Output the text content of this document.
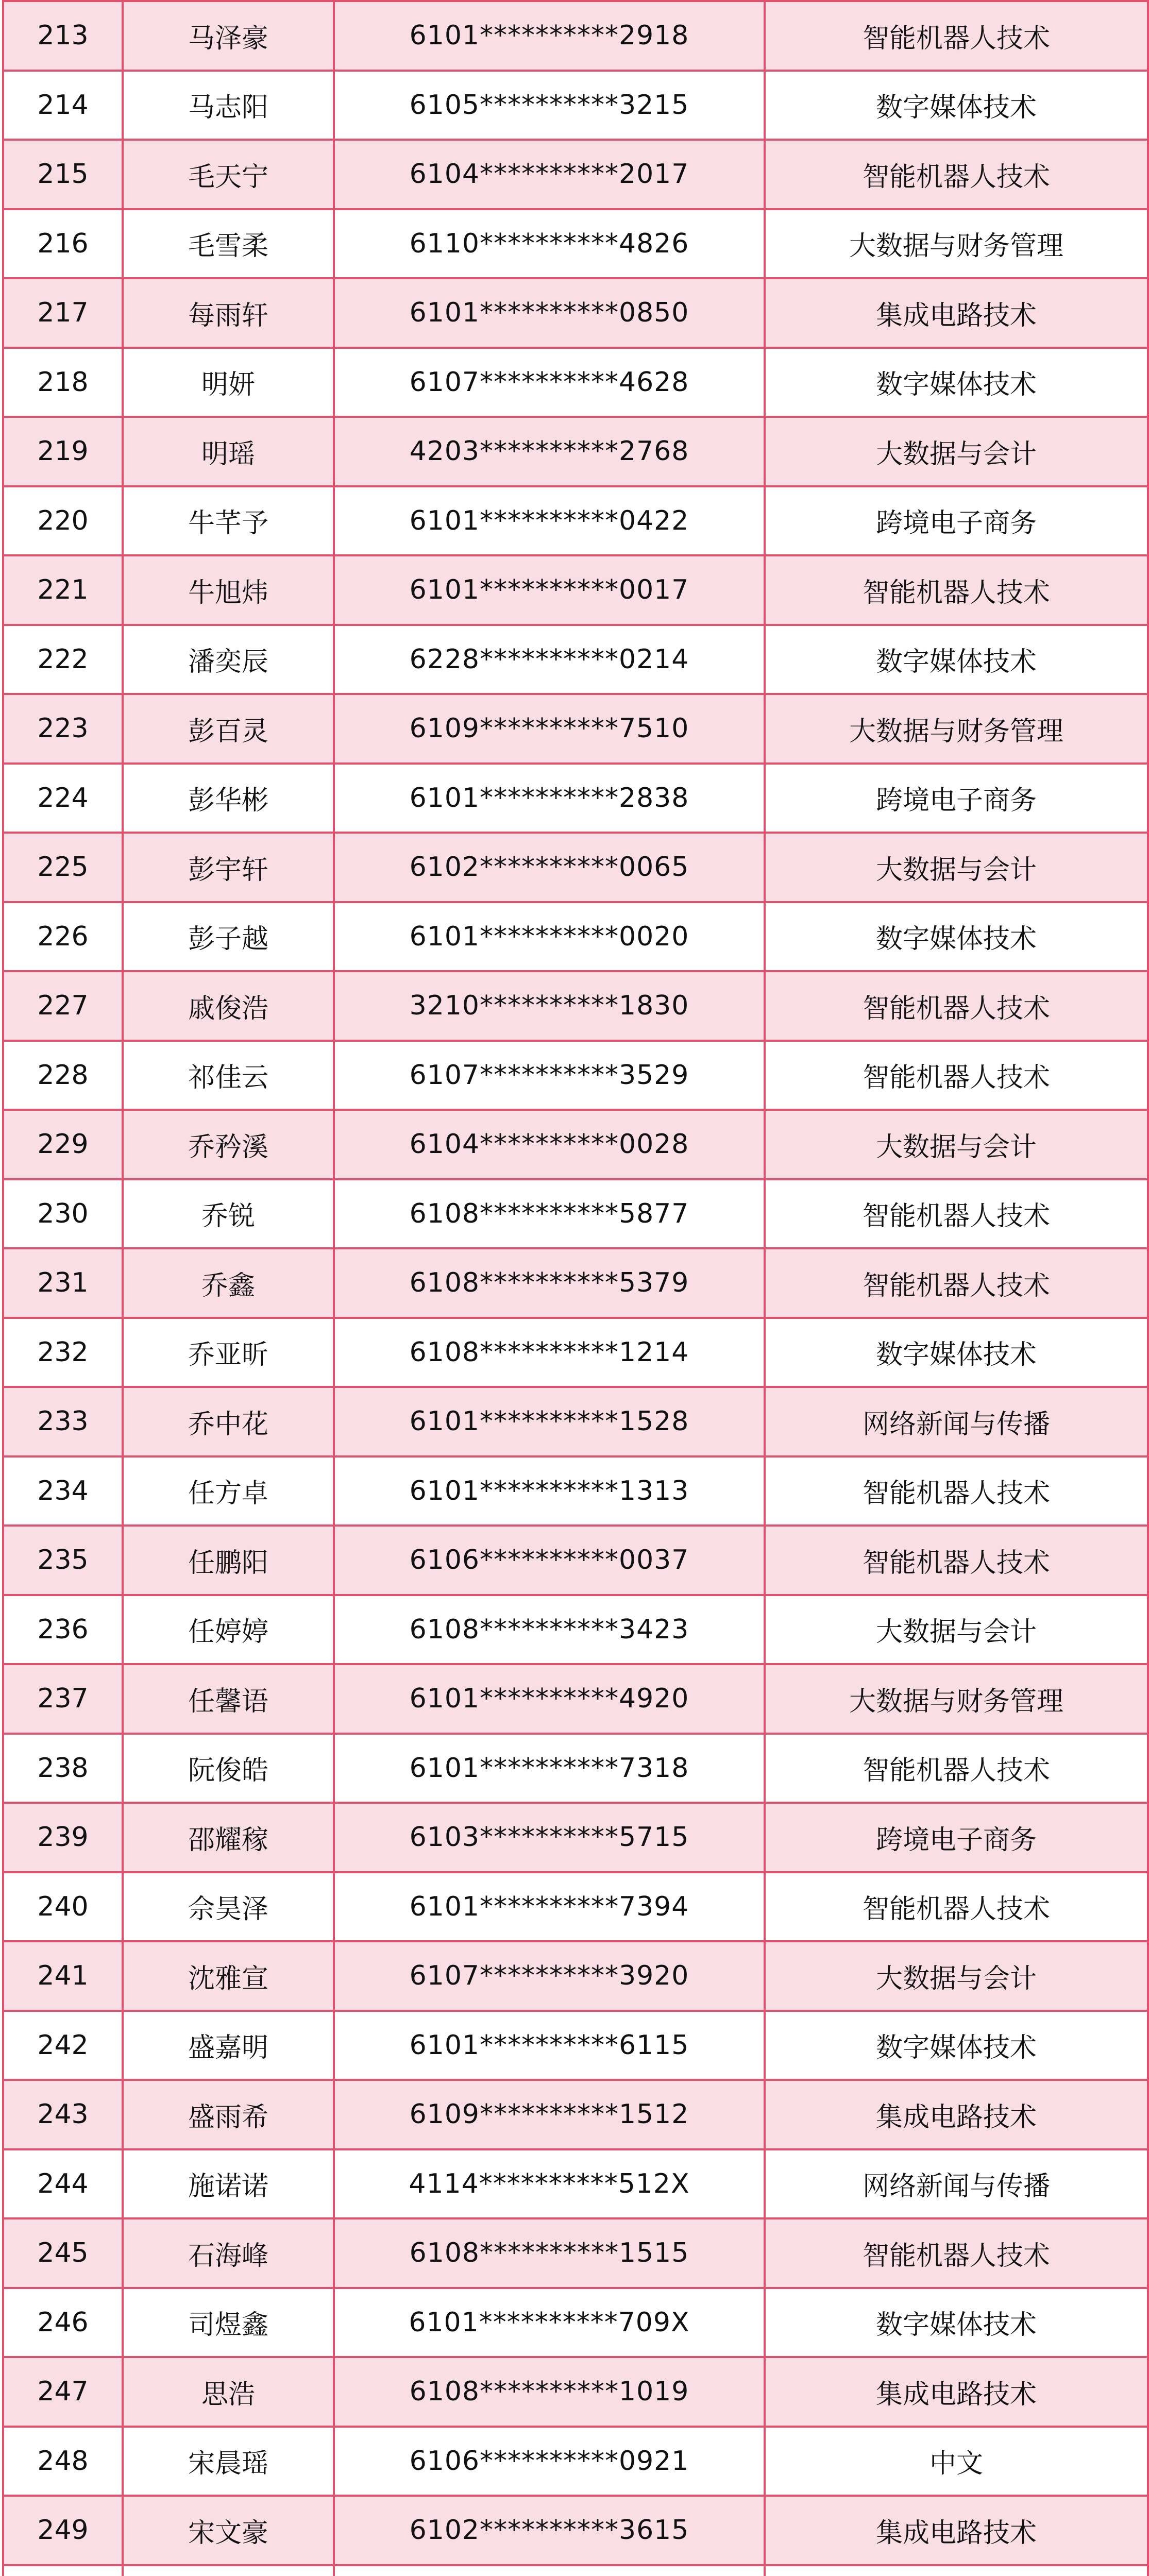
213	马泽豪	6101**********2918	智能机器人技术
214	马志阳	6105**********3215	数字媒体技术
215	毛天宁	6104**********2017	智能机器人技术
216	毛雪柔	6110**********4826	大数据与财务管理
217	每雨轩	6101**********0850	集成电路技术
218	明妍	6107**********4628	数字媒体技术
219	明瑶	4203**********2768	大数据与会计
220	牛芊予	6101**********0422	跨境电子商务
221	牛旭炜	6101**********0017	智能机器人技术
222	潘奕辰	6228**********0214	数字媒体技术
223	彭百灵	6109**********7510	大数据与财务管理
224	彭华彬	6101**********2838	跨境电子商务
225	彭宇轩	6102**********0065	大数据与会计
226	彭子越	6101**********0020	数字媒体技术
227	戚俊浩	3210**********1830	智能机器人技术
228	祁佳云	6107**********3529	智能机器人技术
229	乔矜溪	6104**********0028	大数据与会计
230	乔锐	6108**********5877	智能机器人技术
231	乔鑫	6108**********5379	智能机器人技术
232	乔亚昕	6108**********1214	数字媒体技术
233	乔中花	6101**********1528	网络新闻与传播
234	任方卓	6101**********1313	智能机器人技术
235	任鹏阳	6106**********0037	智能机器人技术
236	任婷婷	6108**********3423	大数据与会计
237	任馨语	6101**********4920	大数据与财务管理
238	阮俊皓	6101**********7318	智能机器人技术
239	邵耀稼	6103**********5715	跨境电子商务
240	佘昊泽	6101**********7394	智能机器人技术
241	沈雅宣	6107**********3920	大数据与会计
242	盛嘉明	6101**********6115	数字媒体技术
243	盛雨希	6109**********1512	集成电路技术
244	施诺诺	4114**********512X	网络新闻与传播
245	石海峰	6108**********1515	智能机器人技术
246	司煜鑫	6101**********709X	数字媒体技术
247	思浩	6108**********1019	集成电路技术
248	宋晨瑶	6106**********0921	中文
249	宋文豪	6102**********3615	集成电路技术
